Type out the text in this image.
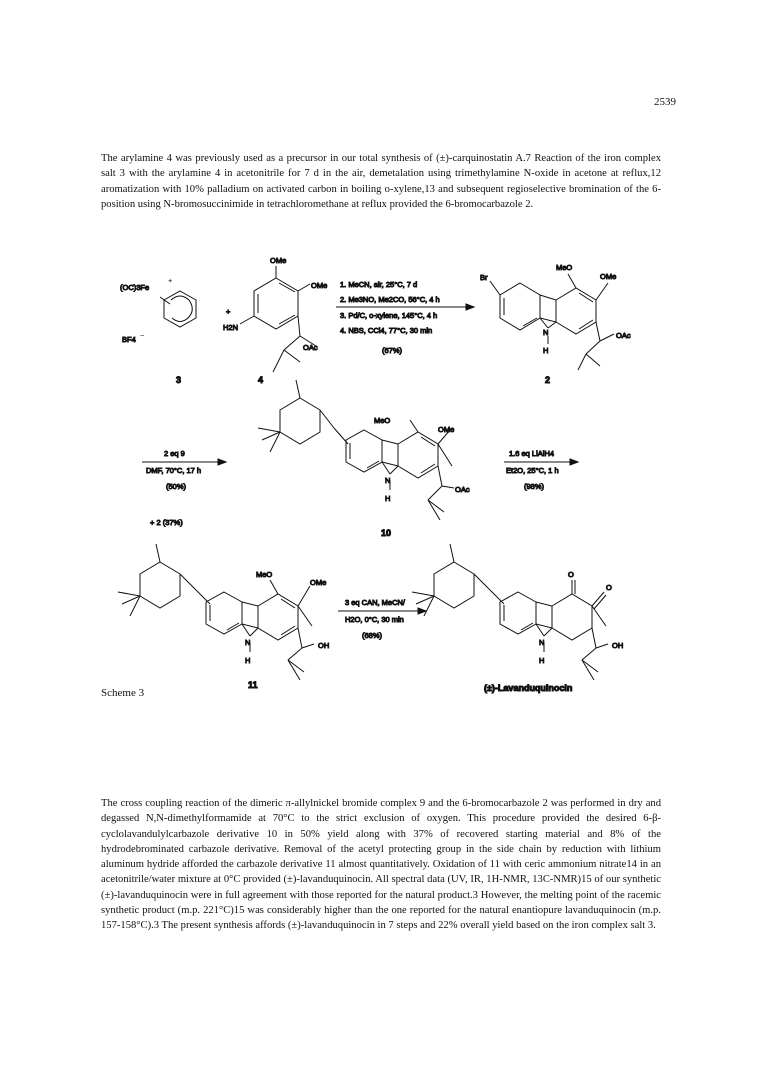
2539
The arylamine 4 was previously used as a precursor in our total synthesis of (±)-carquinostatin A.7 Reaction of the iron complex salt 3 with the arylamine 4 in acetonitrile for 7 d in the air, demetalation using trimethylamine N-oxide in acetone at reflux,12 aromatization with 10% palladium on activated carbon in boiling o-xylene,13 and subsequent regioselective bromination of the 6-position using N-bromosuccinimide in tetrachloromethane at reflux provided the 6-bromocarbazole 2.
(OC)3Fe
+
BF4 −
+
OMe
OMe
H2N
OAc
3	4
1. MeCN, air, 25°C, 7 d
2. Me3NO, Me2CO, 56°C, 4 h
3. Pd/C, o-xylene, 145°C, 4 h
4. NBS, CCl4, 77°C, 30 min
(67%)
Br
MeO
OMe
N
H
OAc
2
2 eq 9
DMF, 70°C, 17 h
(50%)
+ 2 (37%)
MeO
OMe
N
H
OAc
10
1.6 eq LiAlH4
Et2O, 25°C, 1 h
(98%)
MeO
OMe
N
H
OH
11
3 eq CAN, MeCN/
H2O, 0°C, 30 min
(68%)
O
O
N
H
OH
(±)-Lavanduquinocin
Scheme 3
The cross coupling reaction of the dimeric π-allylnickel bromide complex 9 and the 6-bromocarbazole 2 was performed in dry and degassed N,N-dimethylformamide at 70°C to the strict exclusion of oxygen. This procedure provided the desired 6-β-cyclolavandulylcarbazole derivative 10 in 50% yield along with 37% of recovered starting material and 8% of the hydrodebrominated carbazole derivative. Removal of the acetyl protecting group in the side chain by reduction with lithium aluminum hydride afforded the carbazole derivative 11 almost quantitatively. Oxidation of 11 with ceric ammonium nitrate14 in an acetonitrile/water mixture at 0°C provided (±)-lavanduquinocin. All spectral data (UV, IR, 1H-NMR, 13C-NMR)15 of our synthetic (±)-lavanduquinocin were in full agreement with those reported for the natural product.3 However, the melting point of the racemic synthetic product (m.p. 221°C)15 was considerably higher than the one reported for the natural enantiopure lavanduquinocin (m.p. 157-158°C).3 The present synthesis affords (±)-lavanduquinocin in 7 steps and 22% overall yield based on the iron complex salt 3.
